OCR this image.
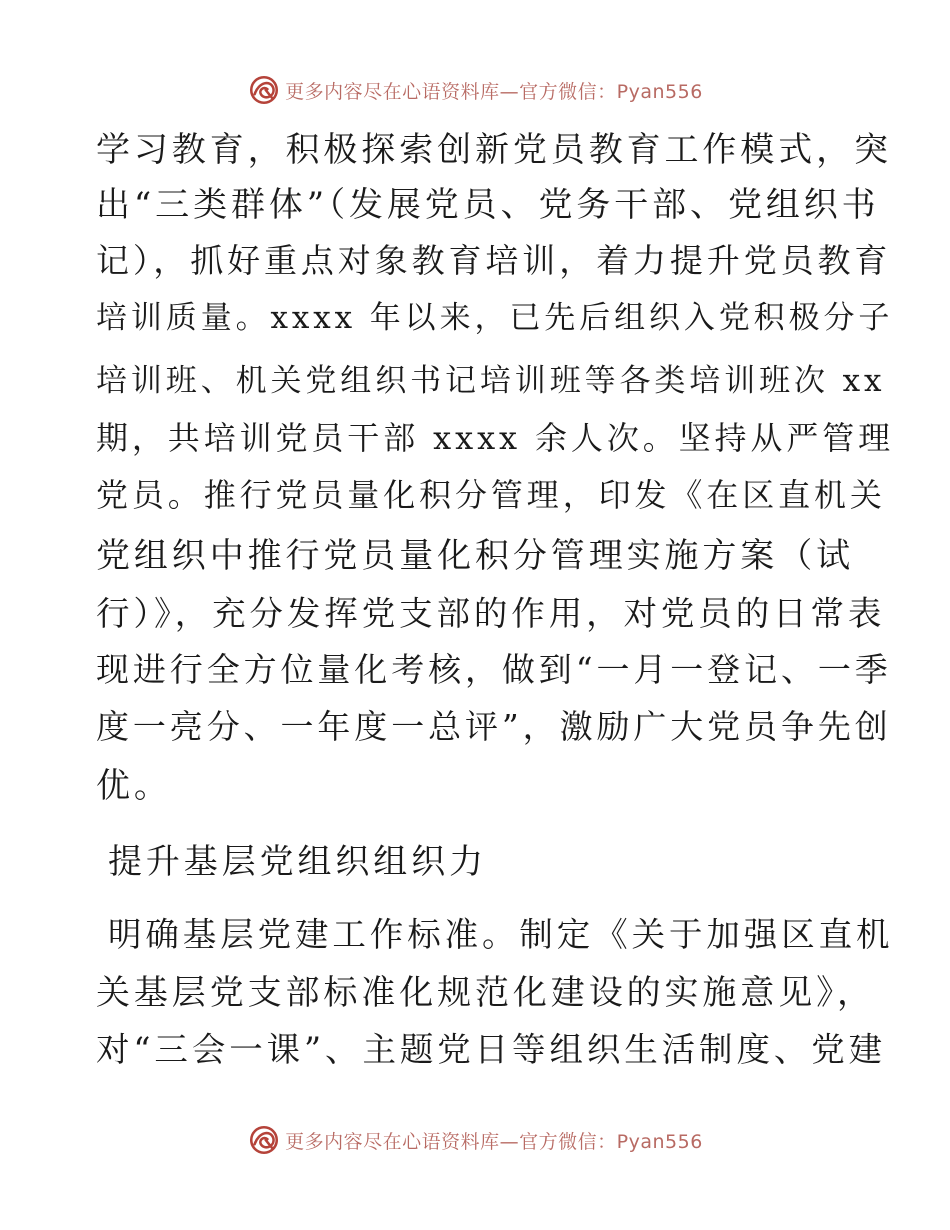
更多内容尽在心语资料库—官方微信：Pyan556
学习教育，积极探索创新党员教育工作模式，突
出“三类群体”（发展党员、党务干部、党组织书
记），抓好重点对象教育培训，着力提升党员教育
培训质量。xxxx 年以来，已先后组织入党积极分子
培训班、机关党组织书记培训班等各类培训班次 xx
期，共培训党员干部 xxxx 余人次。坚持从严管理
党员。推行党员量化积分管理，印发《在区直机关
党组织中推行党员量化积分管理实施方案（试
行）》，充分发挥党支部的作用，对党员的日常表
现进行全方位量化考核，做到“一月一登记、一季
度一亮分、一年度一总评”，激励广大党员争先创
优。
提升基层党组织组织力
明确基层党建工作标准。制定《关于加强区直机
关基层党支部标准化规范化建设的实施意见》，
对“三会一课”、主题党日等组织生活制度、党建
更多内容尽在心语资料库—官方微信：Pyan556
